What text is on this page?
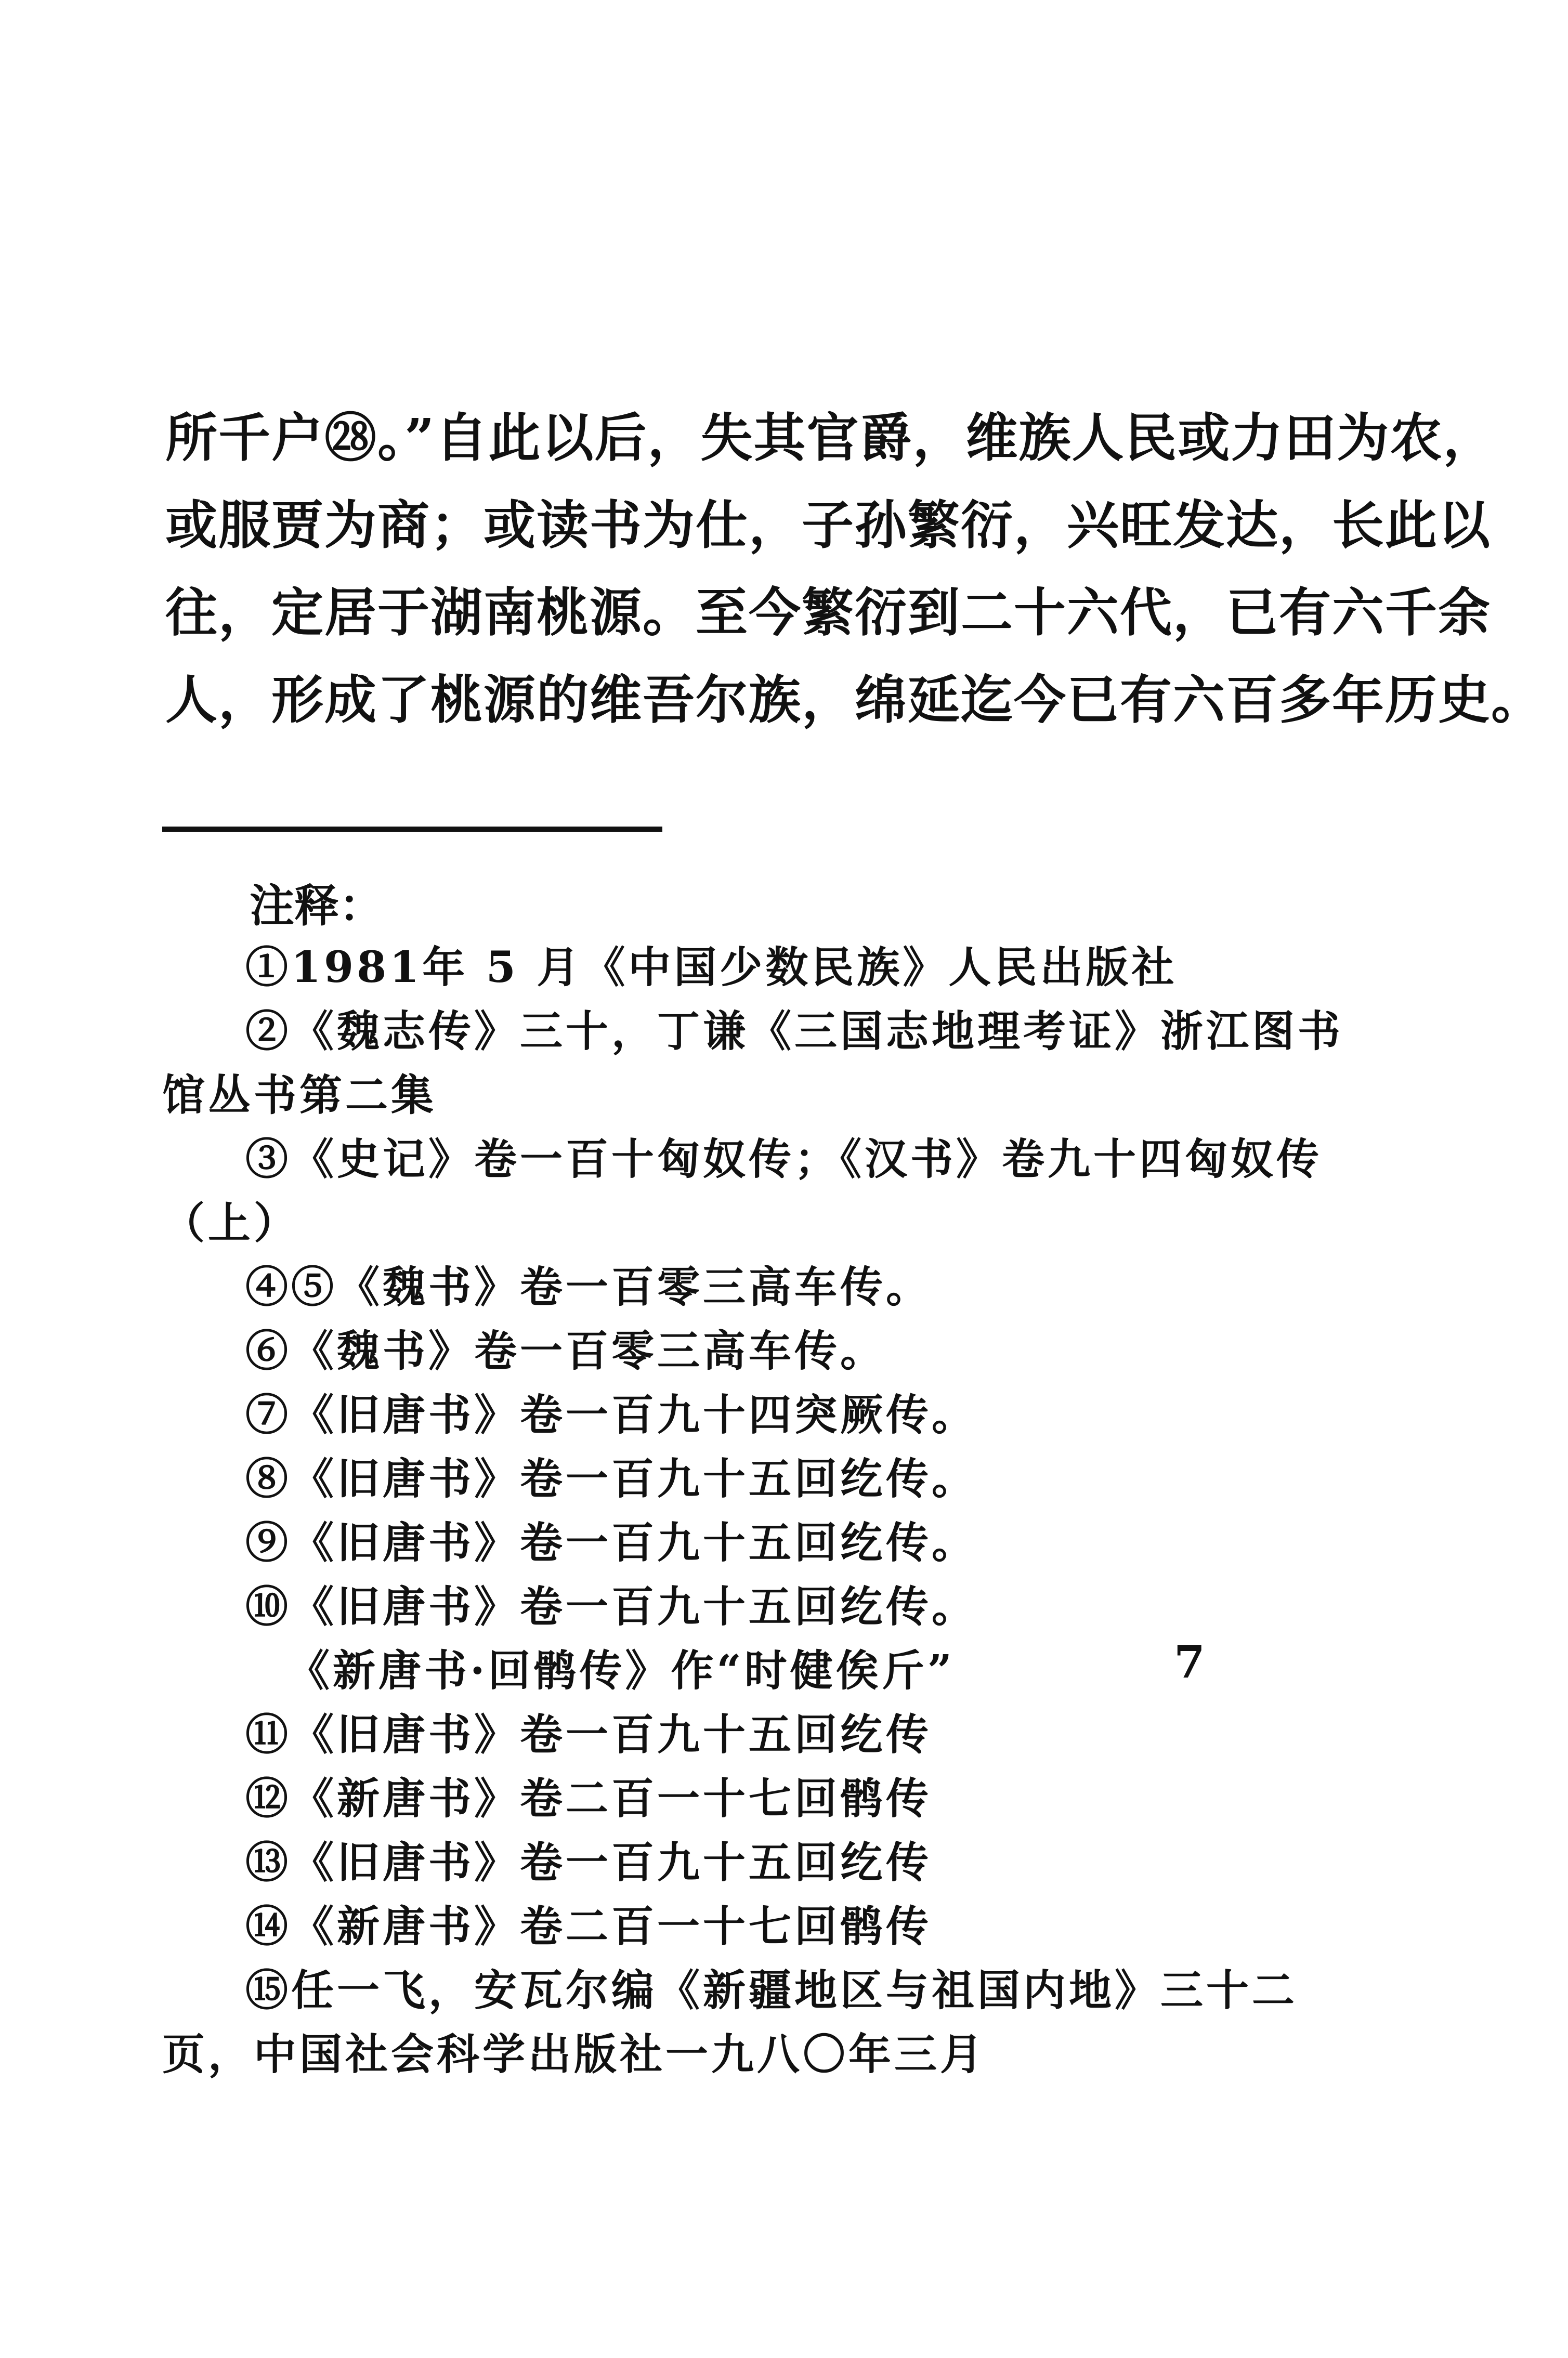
所千户㉘。”自此以后，失其官爵，维族人民或力田为农，
或服贾为商；或读书为仕，子孙繁衍，兴旺发达，长此以
往，定居于湖南桃源。至今繁衍到二十六代，已有六千余
人，形成了桃源的维吾尔族，绵延迄今已有六百多年历史。
注释：
①1981年 5 月《中国少数民族》人民出版社
②《魏志传》三十，丁谦《三国志地理考证》浙江图书
馆丛书第二集
③《史记》卷一百十匈奴传；《汉书》卷九十四匈奴传
（上）
④⑤《魏书》卷一百零三高车传。
⑥《魏书》卷一百零三高车传。
⑦《旧唐书》卷一百九十四突厥传。
⑧《旧唐书》卷一百九十五回纥传。
⑨《旧唐书》卷一百九十五回纥传。
⑩《旧唐书》卷一百九十五回纥传。
《新唐书·回鹘传》作“时健俟斤”
⑪《旧唐书》卷一百九十五回纥传
⑫《新唐书》卷二百一十七回鹘传
⑬《旧唐书》卷一百九十五回纥传
⑭《新唐书》卷二百一十七回鹘传
⑮任一飞，安瓦尔编《新疆地区与祖国内地》三十二
页，中国社会科学出版社一九八〇年三月
7
